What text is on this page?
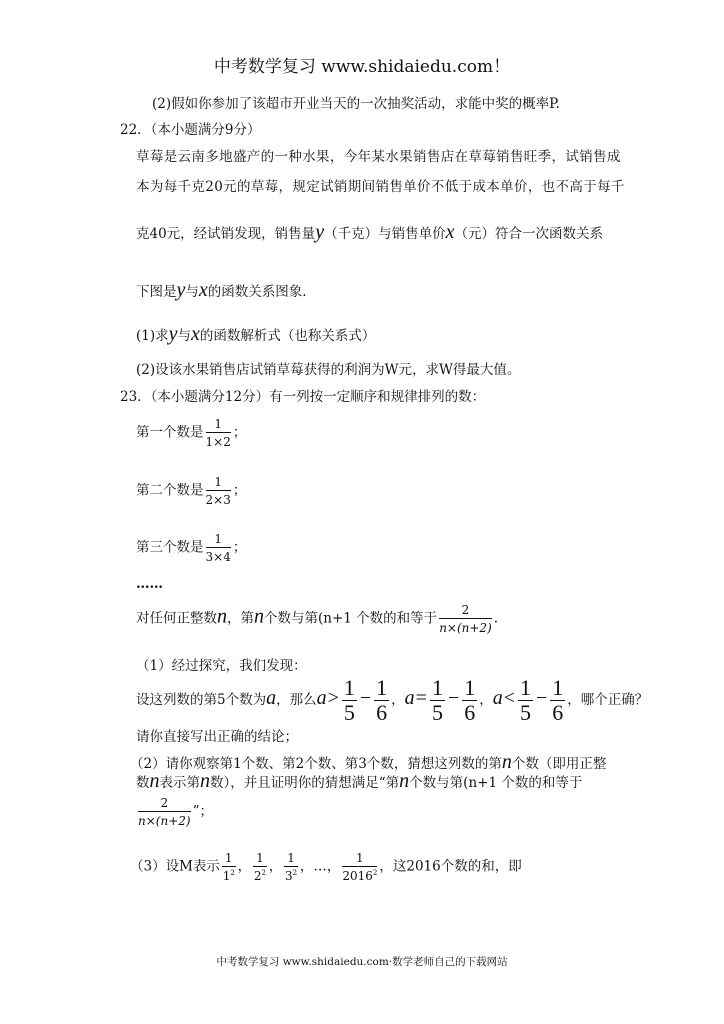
中考数学复习 www.shidaiedu.com！
(2)假如你参加了该超市开业当天的一次抽奖活动，求能中奖的概率P.
22．（本小题满分9分）
草莓是云南多地盛产的一种水果，今年某水果销售店在草莓销售旺季，试销售成
本为每千克20元的草莓，规定试销期间销售单价不低于成本单价，也不高于每千
克40元，经试销发现，销售量y（千克）与销售单价x（元）符合一次函数关系
下图是y与x的函数关系图象.
(1)求y与x的函数解析式（也称关系式）
(2)设该水果销售店试销草莓获得的利润为W元，求W得最大值。
23．（本小题满分12分）有一列按一定顺序和规律排列的数：
第一个数是 $\frac{1}{1\times 2}$ ；
第二个数是 $\frac{1}{2\times 3}$ ；
第三个数是 $\frac{1}{3\times 4}$ ；
……
对任何正整数n，第n个数与第(n+1 个数的和等于 $\frac{2}{n\times(n+2)}$ .
（1）经过探究，我们发现：
设这列数的第5个数为a，那么$a> \frac{1}{5} - \frac{1}{6}$ ，$a= \frac{1}{5} - \frac{1}{6}$ ，$a< \frac{1}{5} - \frac{1}{6}$ ，哪个正确？
请你直接写出正确的结论；
（2）请你观察第1个数、第2个数、第3个数，猜想这列数的第n个数（即用正整
数n表示第n数），并且证明你的猜想满足“第n个数与第(n+1 个数的和等于
$\frac{2}{n\times(n+2)}$ ”；
（3）设M表示 $\frac{1}{1^2}$ ， $\frac{1}{2^2}$ ， $\frac{1}{3^2}$ ，…， $\frac{1}{2016^2}$ ，这2016个数的和，即
中考数学复习 www.shidaiedu.com·数学老师自己的下载网站
